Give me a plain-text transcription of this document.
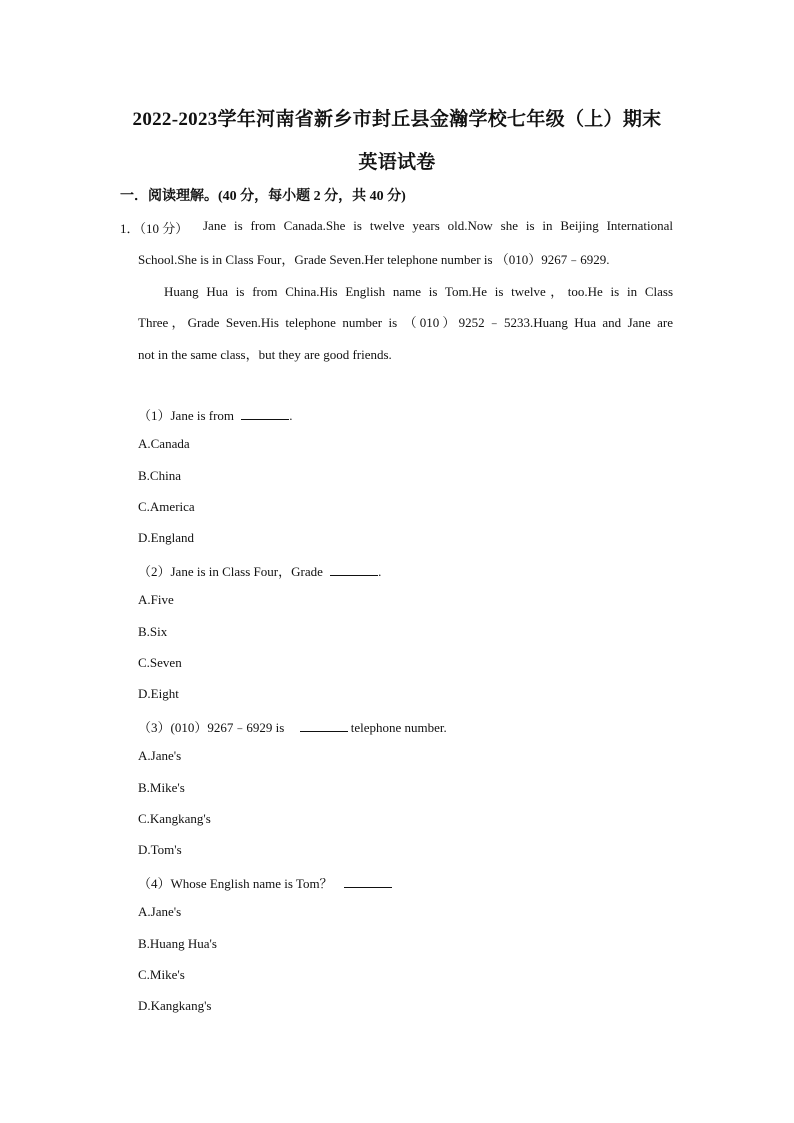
2022-2023学年河南省新乡市封丘县金瀚学校七年级（上）期末
英语试卷
一．阅读理解。(40 分，每小题 2 分，共 40 分)
1．（10 分） Jane is from Canada.She is twelve years old.Now she is in Beijing International
School.She is in Class Four，Grade Seven.Her telephone number is （010）9267﹣6929.
Huang Hua is from China.His English name is Tom.He is twelve，too.He is in Class
Three，Grade Seven.His telephone number is （010）9252﹣5233.Huang Hua and Jane are
not in the same class，but they are good friends.
（1）Jane is from	.
A.Canada
B.China
C.America
D.England
（2）Jane is in Class Four，Grade	.
A.Five
B.Six
C.Seven
D.Eight
（3）(010）9267﹣6929 is	telephone number.
A.Jane's
B.Mike's
C.Kangkang's
D.Tom's
（4）Whose English name is Tom？
A.Jane's
B.Huang Hua's
C.Mike's
D.Kangkang's
